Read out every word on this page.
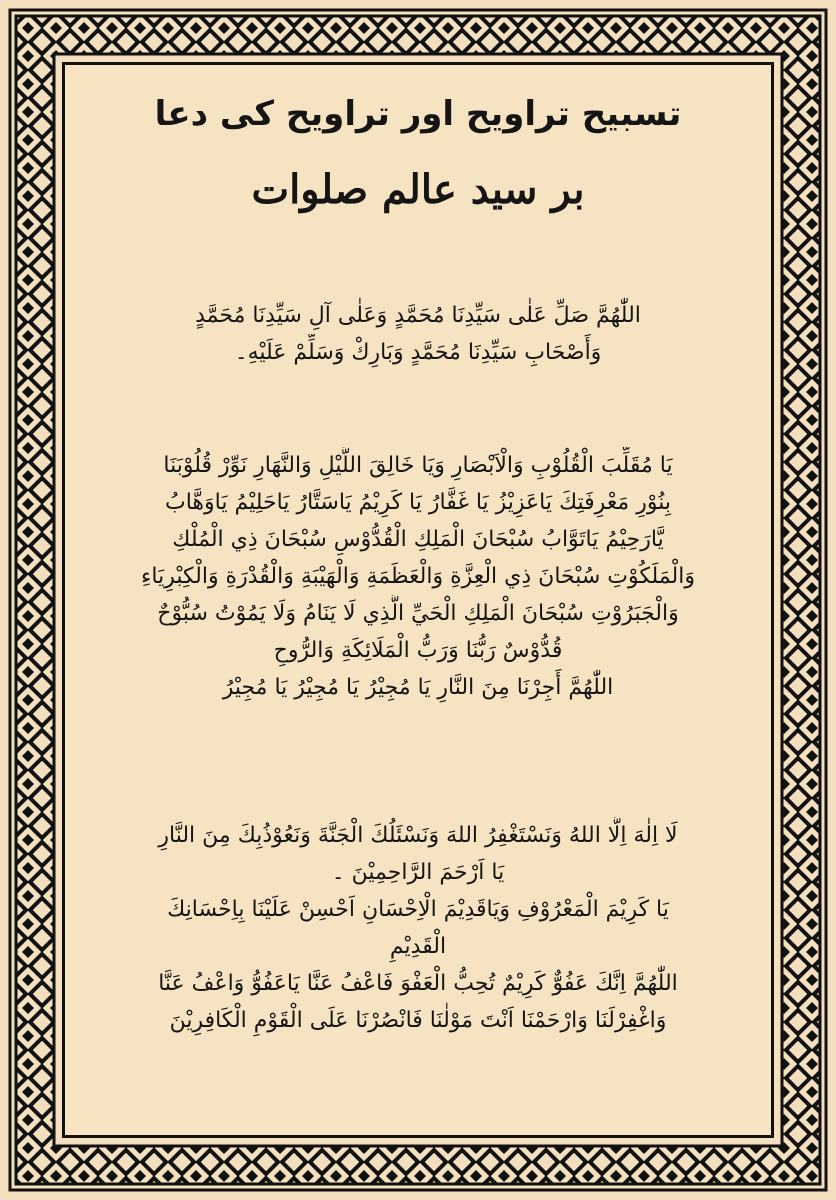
تسبیح تراویح اور تراویح کی دعا
بر سید عالم صلوات
اللّٰهُمَّ صَلِّ عَلٰى سَيِّدِنَا مُحَمَّدٍ وَعَلٰى آلِ سَيِّدِنَا مُحَمَّدٍ
وَأَصْحَابِ سَيِّدِنَا مُحَمَّدٍ وَبَارِكْ وَسَلِّمْ عَلَيْهِ۔
يَا مُقَلِّبَ الْقُلُوْبِ وَالْاَبْصَارِ وَيَا خَالِقَ اللَّيْلِ وَالنَّهَارِ نَوِّرْ قُلُوْبَنَا
بِنُوْرِ مَعْرِفَتِكَ يَاعَزِيْزُ يَا غَفَّارُ يَا كَرِيْمُ يَاسَتَّارُ يَاحَلِيْمُ يَاوَهَّابُ
يَّارَحِيْمُ يَاتَوَّابُ سُبْحَانَ الْمَلِكِ الْقُدُّوْسِ سُبْحَانَ ذِي الْمُلْكِ
وَالْمَلَكُوْتِ سُبْحَانَ ذِي الْعِزَّةِ وَالْعَظَمَةِ وَالْهَيْبَةِ وَالْقُدْرَةِ وَالْكِبْرِيَاءِ
وَالْجَبَرُوْتِ سُبْحَانَ الْمَلِكِ الْحَيِّ الَّذِي لَا يَنَامُ وَلَا يَمُوْتُ سُبُّوْحٌ
قُدُّوْسٌ رَبُّنَا وَرَبُّ الْمَلَائِكَةِ وَالرُّوحِ
اللّٰهُمَّ أَجِرْنَا مِنَ النَّارِ يَا مُجِيْرُ يَا مُجِيْرُ يَا مُجِيْرُ
لَا اِلٰهَ اِلَّا اللهُ وَنَسْتَغْفِرُ اللهَ وَنَسْئَلُكَ الْجَنَّةَ وَنَعُوْذُبِكَ مِنَ النَّارِ
يَا اَرْحَمَ الرَّاحِمِيْنَ ۔
يَا كَرِيْمَ الْمَعْرُوْفِ وَيَاقَدِيْمَ الْاِحْسَانِ اَحْسِنْ عَلَيْنَا بِاِحْسَانِكَ
الْقَدِيْمِ
اللّٰهُمَّ اِنَّكَ عَفُوٌّ كَرِيْمٌ تُحِبُّ الْعَفْوَ فَاعْفُ عَنَّا يَاعَفُوُّ وَاعْفُ عَنَّا
وَاغْفِرْلَنَا وَارْحَمْنَا اَنْتَ مَوْلٰنَا فَانْصُرْنَا عَلَى الْقَوْمِ الْكَافِرِيْنَ
